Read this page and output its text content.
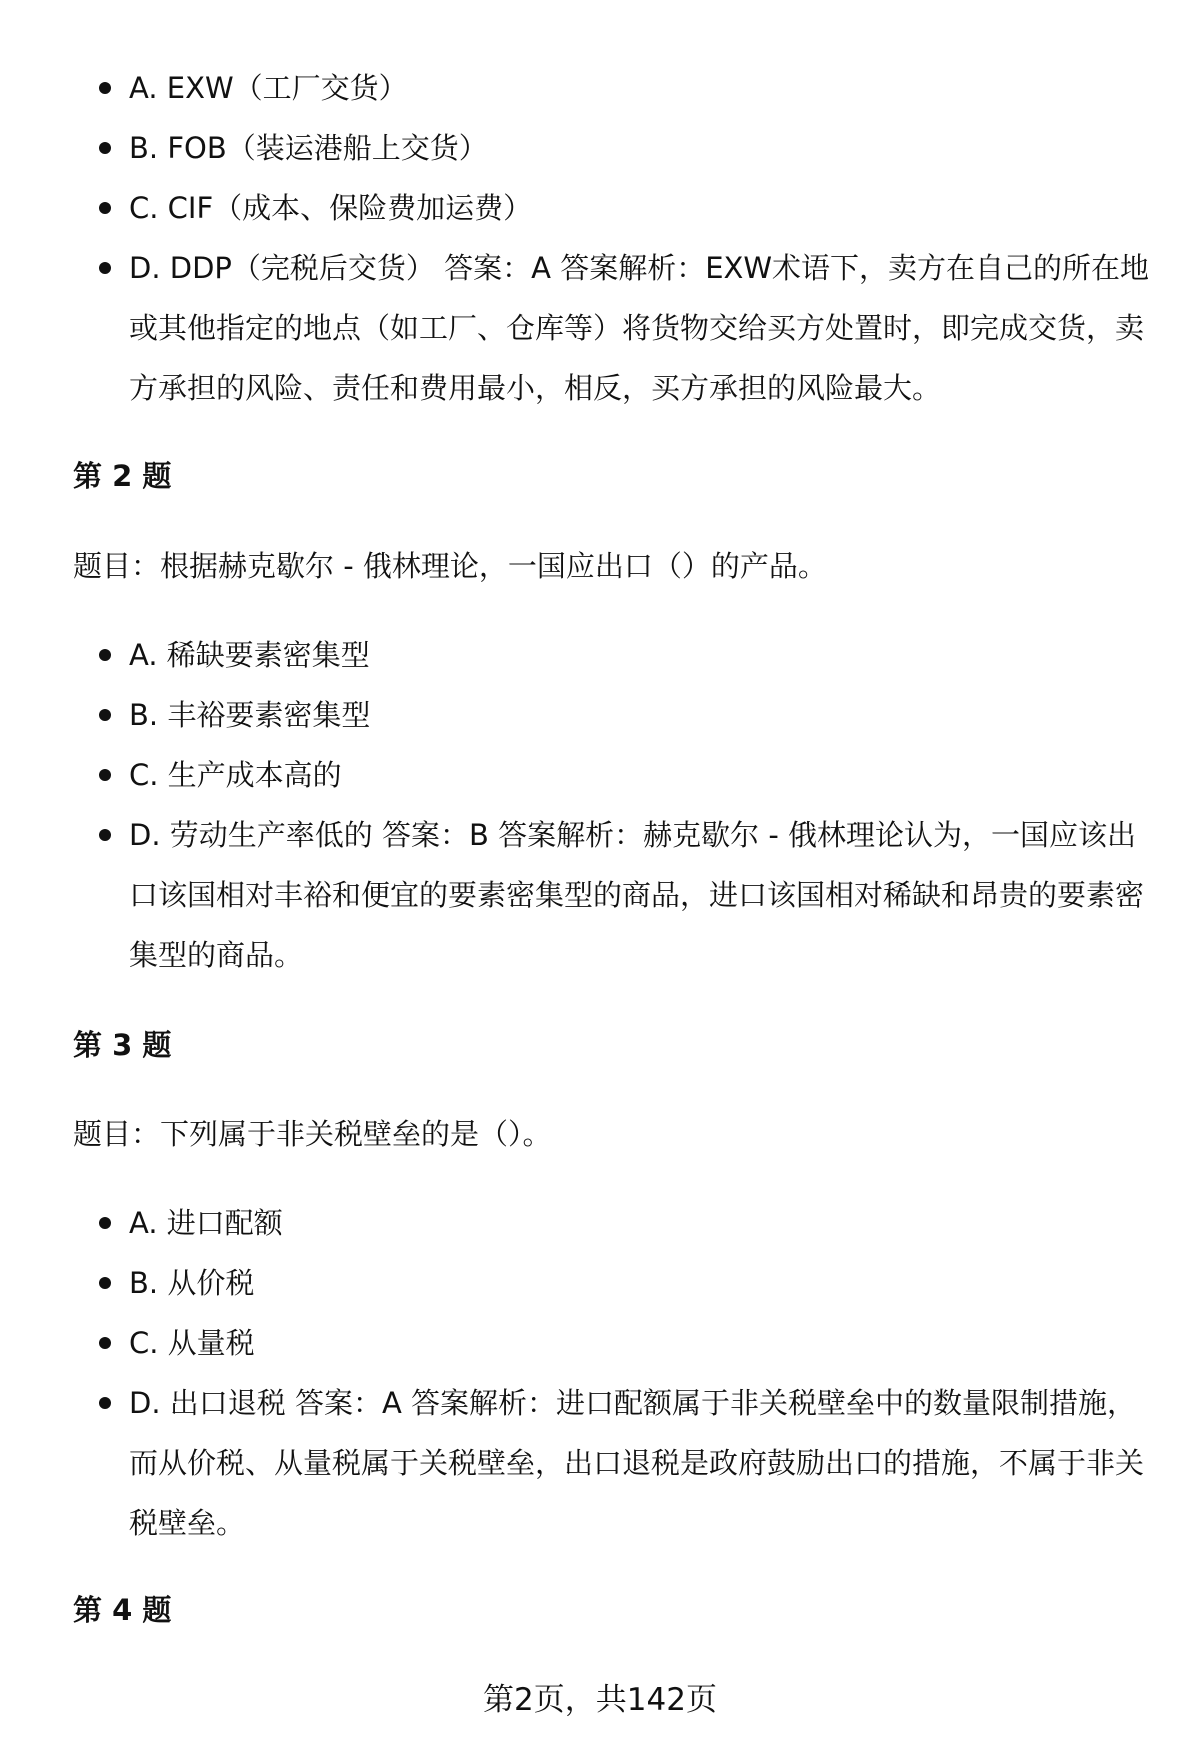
A. EXW（工厂交货）
B. FOB（装运港船上交货）
C. CIF（成本、保险费加运费）
D. DDP（完税后交货） 答案：A 答案解析：EXW术语下，卖方在自己的所在地或其他指定的地点（如工厂、仓库等）将货物交给买方处置时，即完成交货，卖方承担的风险、责任和费用最小，相反，买方承担的风险最大。
第 2 题
题目：根据赫克歇尔 - 俄林理论，一国应出口（）的产品。
A. 稀缺要素密集型
B. 丰裕要素密集型
C. 生产成本高的
D. 劳动生产率低的 答案：B 答案解析：赫克歇尔 - 俄林理论认为，一国应该出口该国相对丰裕和便宜的要素密集型的商品，进口该国相对稀缺和昂贵的要素密集型的商品。
第 3 题
题目：下列属于非关税壁垒的是（）。
A. 进口配额
B. 从价税
C. 从量税
D. 出口退税 答案：A 答案解析：进口配额属于非关税壁垒中的数量限制措施，而从价税、从量税属于关税壁垒，出口退税是政府鼓励出口的措施，不属于非关税壁垒。
第 4 题
第2页，共142页
